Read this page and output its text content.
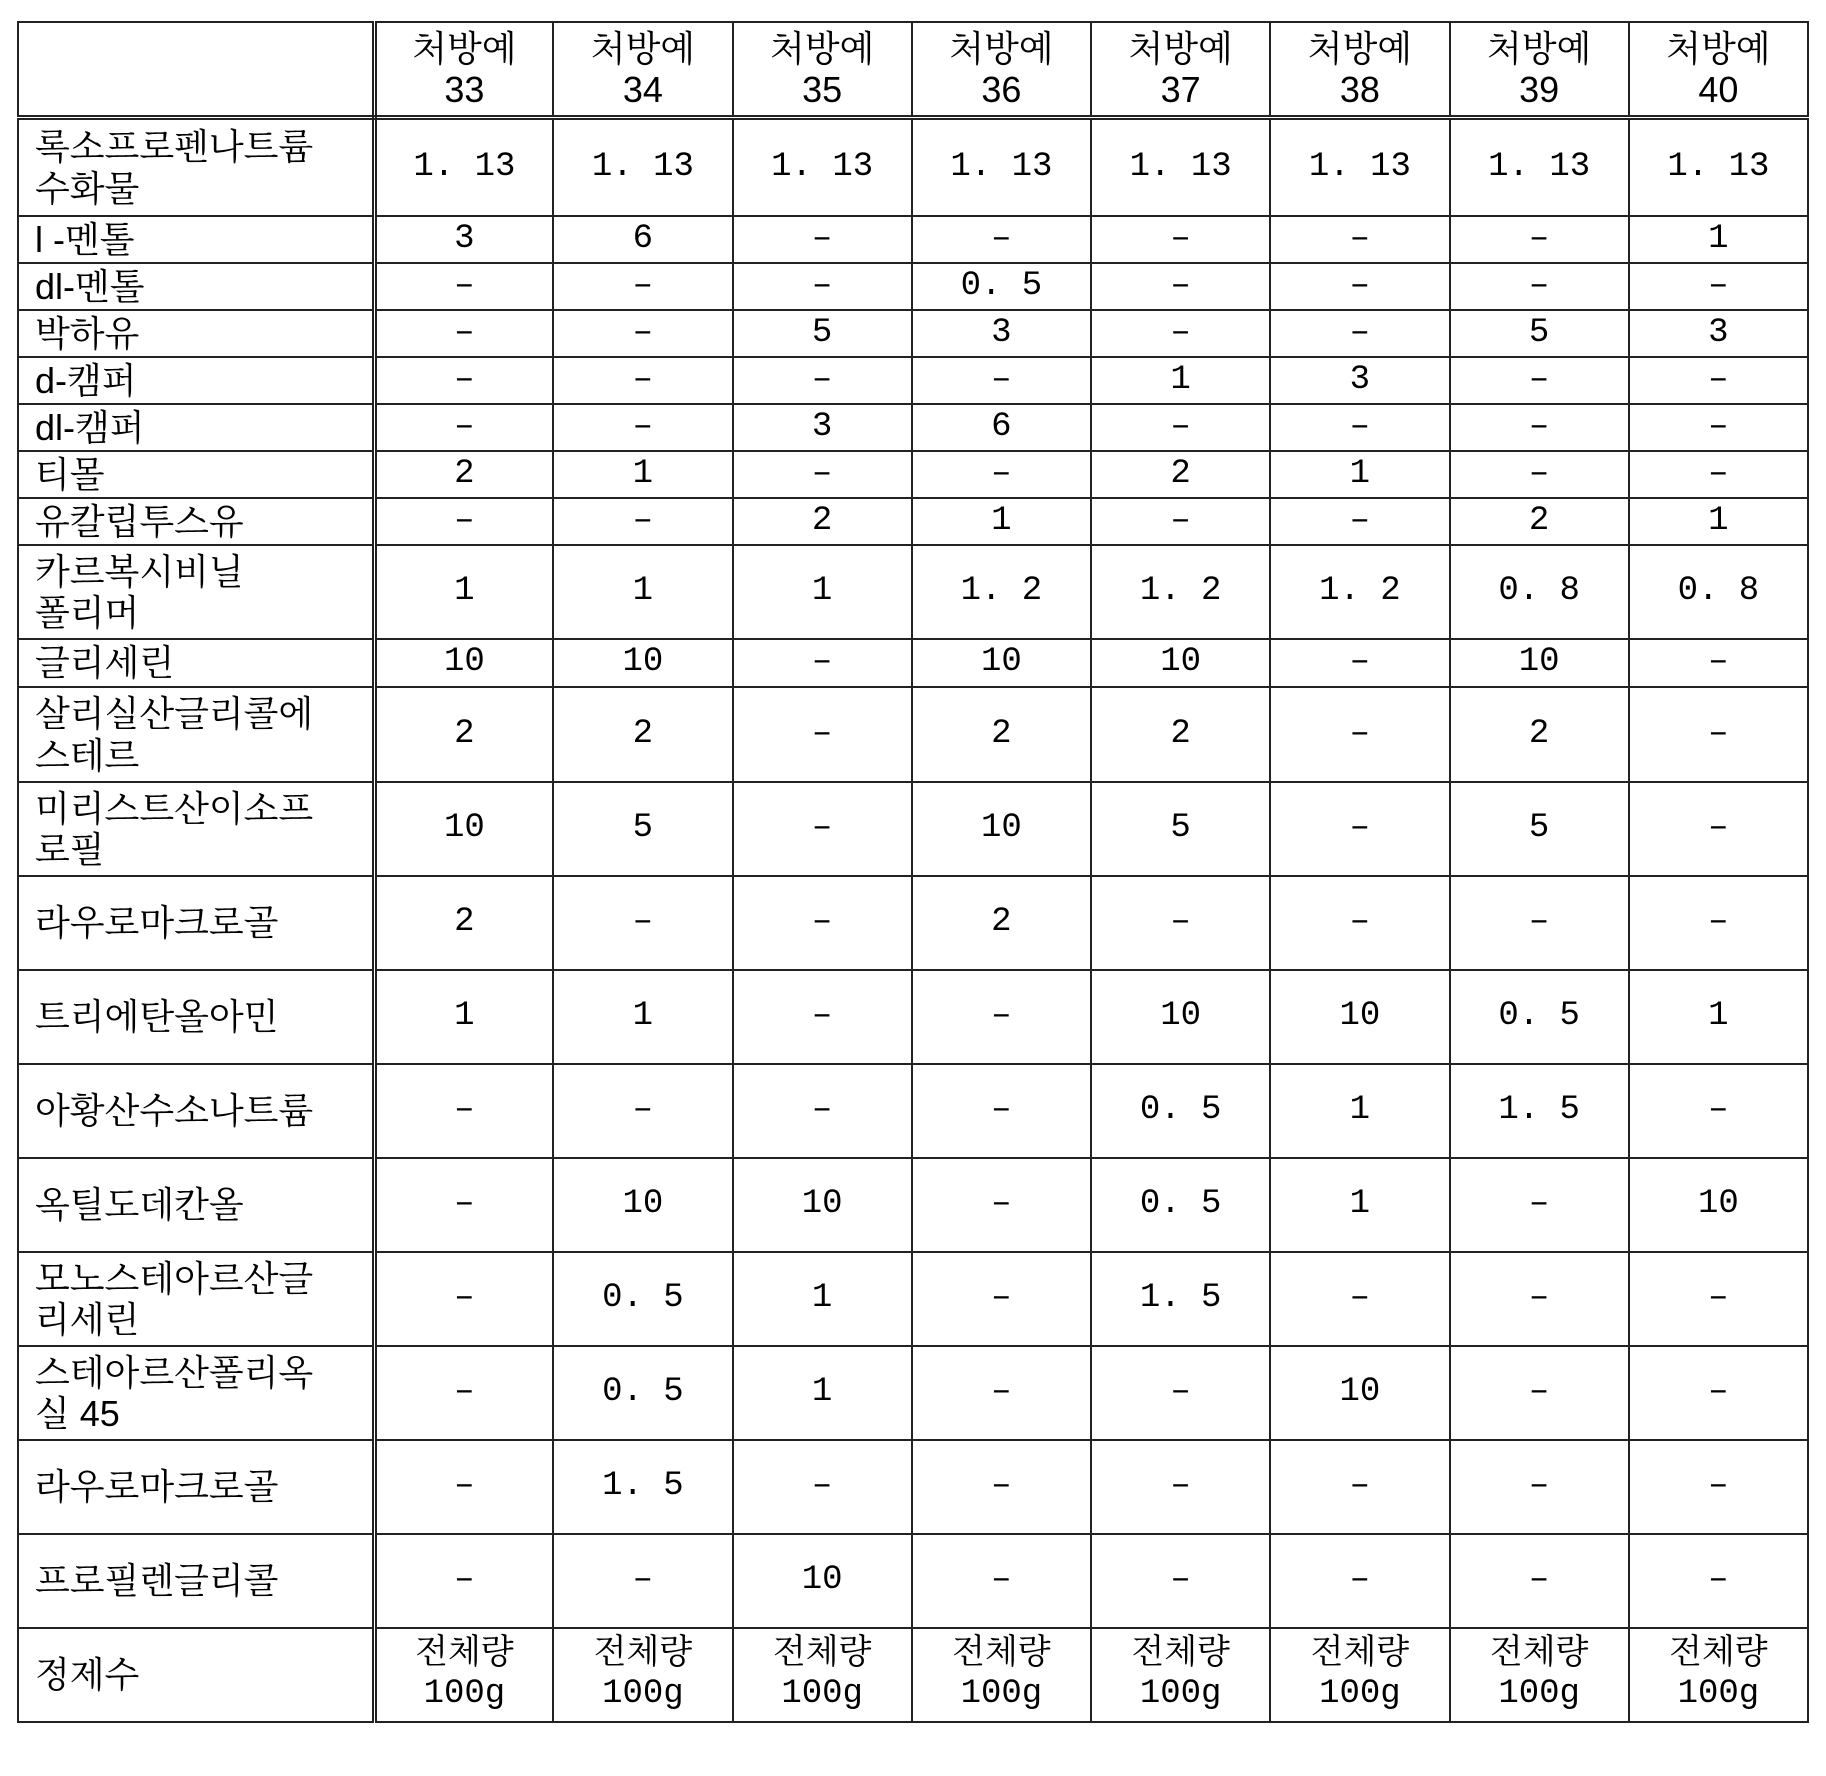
처방예
33

처방예
34

처방예
35

처방예
36

처방예
37

처방예
38

처방예
39

처방예
40

록소프로펜나트륨
수화물
	1. 13	1. 13	1. 13	1. 13	1. 13	1. 13	1. 13	1. 13
l -멘톨	3	6	–	–	–	–	–	1
dl-멘톨	–	–	–	0. 5	–	–	–	–
박하유	–	–	5	3	–	–	5	3
d-캠퍼	–	–	–	–	1	3	–	–
dl-캠퍼	–	–	3	6	–	–	–	–
티몰	2	1	–	–	2	1	–	–
유칼립투스유	–	–	2	1	–	–	2	1

카르복시비닐
폴리머
	1	1	1	1. 2	1. 2	1. 2	0. 8	0. 8
글리세린	10	10	–	10	10	–	10	–

살리실산글리콜에
스테르
	2	2	–	2	2	–	2	–

미리스트산이소프
로필
	10	5	–	10	5	–	5	–
라우로마크로골	2	–	–	2	–	–	–	–
트리에탄올아민	1	1	–	–	10	10	0. 5	1
아황산수소나트륨	–	–	–	–	0. 5	1	1. 5	–
옥틸도데칸올	–	10	10	–	0. 5	1	–	10

모노스테아르산글
리세린
	–	0. 5	1	–	1. 5	–	–	–

스테아르산폴리옥
실 45
	–	0. 5	1	–	–	10	–	–
라우로마크로골	–	1. 5	–	–	–	–	–	–
프로필렌글리콜	–	–	10	–	–	–	–	–
정제수	전체량
100g

전체량
100g

전체량
100g

전체량
100g

전체량
100g

전체량
100g

전체량
100g

전체량
100g
